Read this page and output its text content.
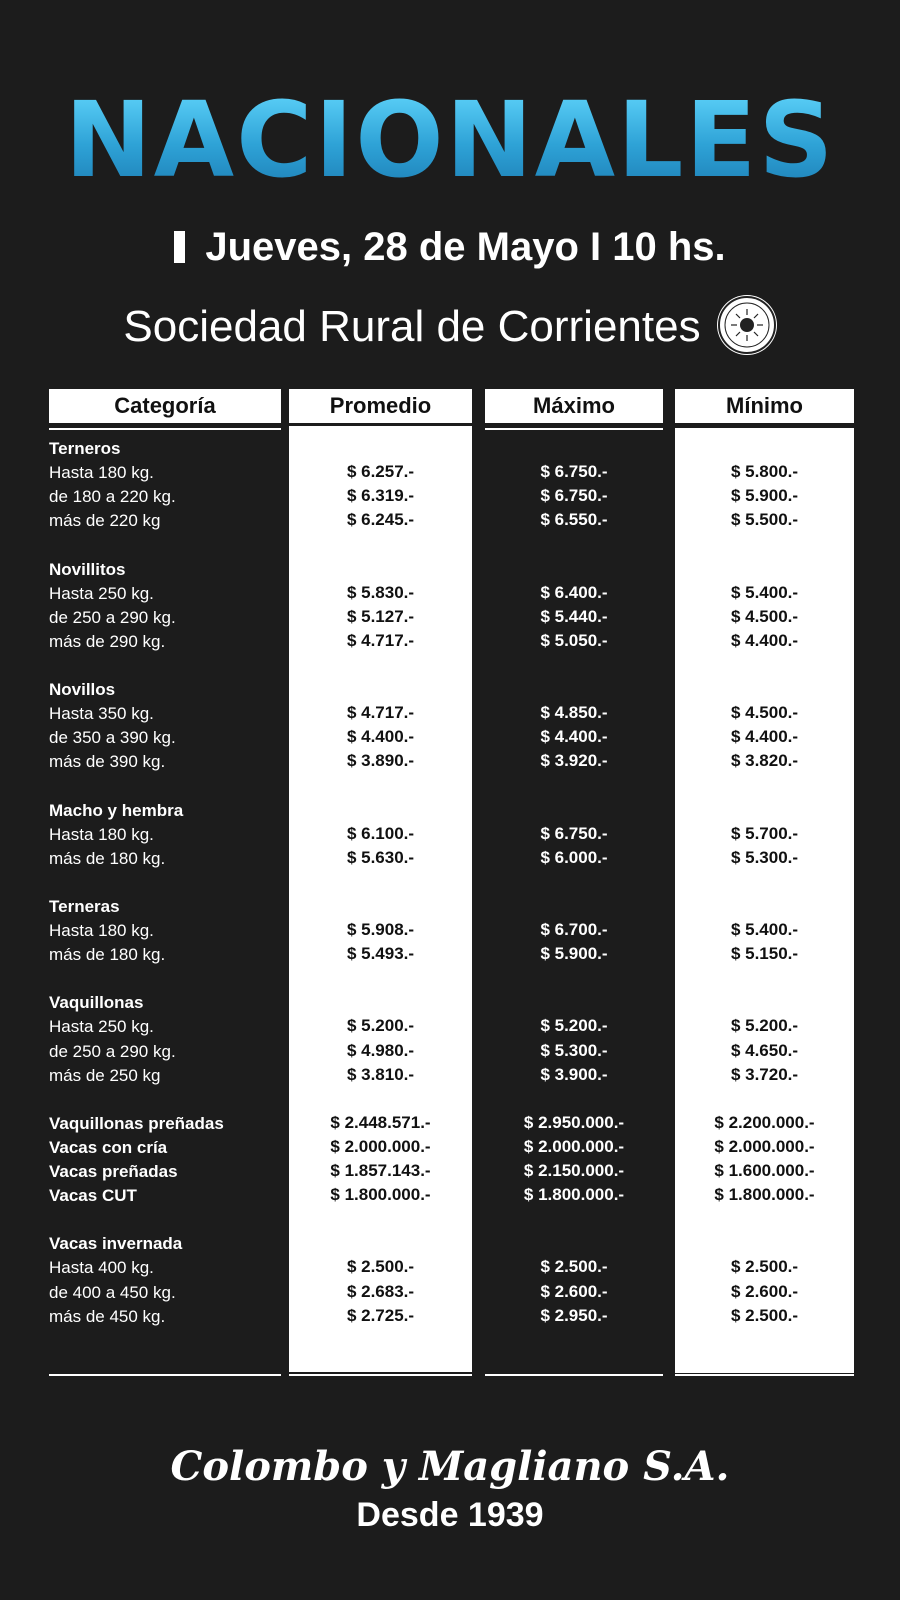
NACIONALES
Jueves, 28 de Mayo I 10 hs.
Sociedad Rural de Corrientes
Categoría	Promedio	Máximo	Mínimo
Terneros
Hasta 180 kg.	$ 6.257.-	$ 6.750.-	$ 5.800.-
de 180 a 220 kg.	$ 6.319.-	$ 6.750.-	$ 5.900.-
más de 220 kg	$ 6.245.-	$ 6.550.-	$ 5.500.-
Novillitos
Hasta 250 kg.	$ 5.830.-	$ 6.400.-	$ 5.400.-
de 250 a 290 kg.	$ 5.127.-	$ 5.440.-	$ 4.500.-
más de 290 kg.	$ 4.717.-	$ 5.050.-	$ 4.400.-
Novillos
Hasta 350 kg.	$ 4.717.-	$ 4.850.-	$ 4.500.-
de 350 a 390 kg.	$ 4.400.-	$ 4.400.-	$ 4.400.-
más de 390 kg.	$ 3.890.-	$ 3.920.-	$ 3.820.-
Macho y hembra
Hasta 180 kg.	$ 6.100.-	$ 6.750.-	$ 5.700.-
más de 180 kg.	$ 5.630.-	$ 6.000.-	$ 5.300.-
Terneras
Hasta 180 kg.	$ 5.908.-	$ 6.700.-	$ 5.400.-
más de 180 kg.	$ 5.493.-	$ 5.900.-	$ 5.150.-
Vaquillonas
Hasta 250 kg.	$ 5.200.-	$ 5.200.-	$ 5.200.-
de 250 a 290 kg.	$ 4.980.-	$ 5.300.-	$ 4.650.-
más de 250 kg	$ 3.810.-	$ 3.900.-	$ 3.720.-
Vaquillonas preñadas	$ 2.448.571.-	$ 2.950.000.-	$ 2.200.000.-
Vacas con cría	$ 2.000.000.-	$ 2.000.000.-	$ 2.000.000.-
Vacas preñadas	$ 1.857.143.-	$ 2.150.000.-	$ 1.600.000.-
Vacas CUT	$ 1.800.000.-	$ 1.800.000.-	$ 1.800.000.-
Vacas invernada
Hasta 400 kg.	$ 2.500.-	$ 2.500.-	$ 2.500.-
de 400 a 450 kg.	$ 2.683.-	$ 2.600.-	$ 2.600.-
más de 450 kg.	$ 2.725.-	$ 2.950.-	$ 2.500.-
Colombo y Magliano S.A.
Desde 1939
